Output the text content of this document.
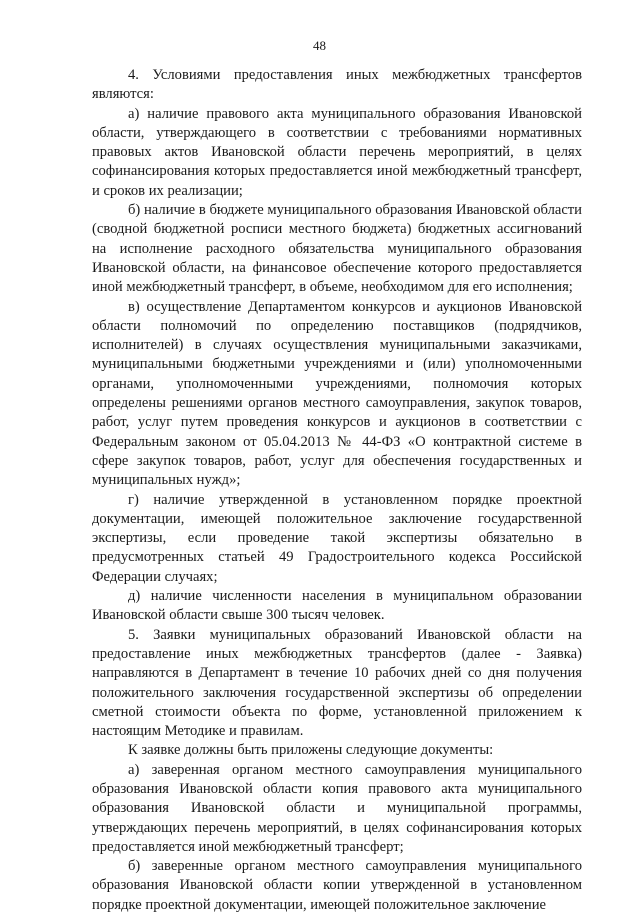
48

4. Условиями предоставления иных межбюджетных трансфертов являются:

а) наличие правового акта муниципального образования Ивановской области, утверждающего в соответствии с требованиями нормативных правовых актов Ивановской области перечень мероприятий, в целях софинансирования которых предоставляется иной межбюджетный трансферт, и сроков их реализации;

б) наличие в бюджете муниципального образования Ивановской области (сводной бюджетной росписи местного бюджета) бюджетных ассигнований на исполнение расходного обязательства муниципального образования Ивановской области, на финансовое обеспечение которого предоставляется иной межбюджетный трансферт, в объеме, необходимом для его исполнения;

в) осуществление Департаментом конкурсов и аукционов Ивановской области полномочий по определению поставщиков (подрядчиков, исполнителей) в случаях осуществления муниципальными заказчиками, муниципальными бюджетными учреждениями и (или) уполномоченными органами, уполномоченными учреждениями, полномочия которых определены решениями органов местного самоуправления, закупок товаров, работ, услуг путем проведения конкурсов и аукционов в соответствии с Федеральным законом от 05.04.2013 № 44-ФЗ «О контрактной системе в сфере закупок товаров, работ, услуг для обеспечения государственных и муниципальных нужд»;

г) наличие утвержденной в установленном порядке проектной документации, имеющей положительное заключение государственной экспертизы, если проведение такой экспертизы обязательно в предусмотренных статьей 49 Градостроительного кодекса Российской Федерации случаях;

д) наличие численности населения в муниципальном образовании Ивановской области свыше 300 тысяч человек.

5. Заявки муниципальных образований Ивановской области на предоставление иных межбюджетных трансфертов (далее - Заявка) направляются в Департамент в течение 10 рабочих дней со дня получения положительного заключения государственной экспертизы об определении сметной стоимости объекта по форме, установленной приложением к настоящим Методике и правилам.

К заявке должны быть приложены следующие документы:

а) заверенная органом местного самоуправления муниципального образования Ивановской области копия правового акта муниципального образования Ивановской области и муниципальной программы, утверждающих перечень мероприятий, в целях софинансирования которых предоставляется иной межбюджетный трансферт;

б) заверенные органом местного самоуправления муниципального образования Ивановской области копии утвержденной в установленном порядке проектной документации, имеющей положительное заключение
